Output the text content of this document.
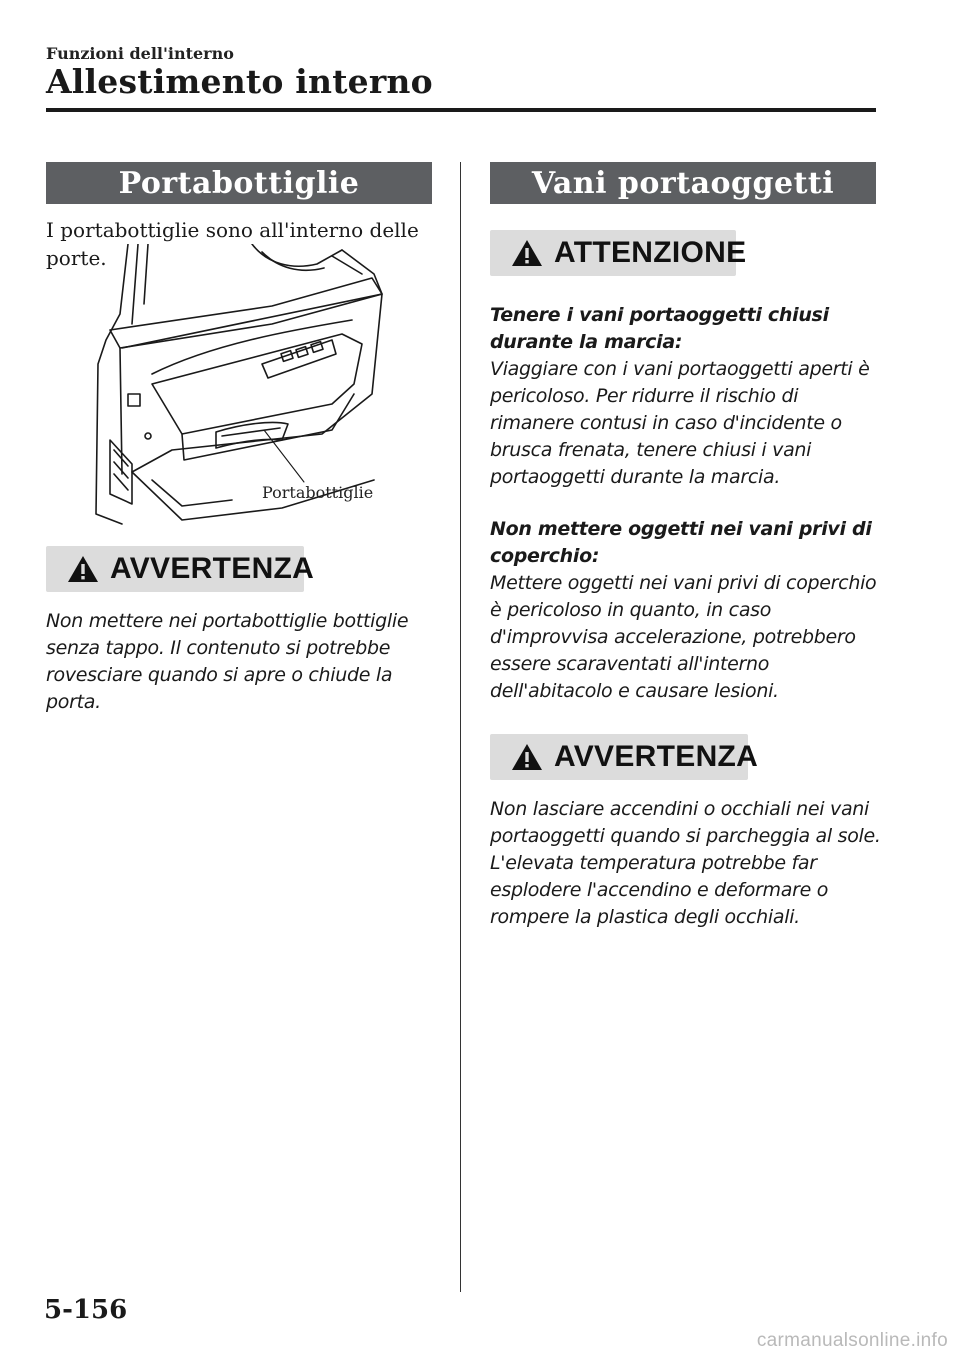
Funzioni dell'interno
Allestimento interno
Portabottiglie
I portabottiglie sono all'interno delle porte.
Portabottiglie
AVVERTENZA

Non mettere nei portabottiglie bottiglie senza tappo. Il contenuto si potrebbe rovesciare quando si apre o chiude la porta.

Vani portaoggetti
ATTENZIONE
Tenere i vani portaoggetti chiusi durante la marcia:

Viaggiare con i vani portaoggetti aperti è pericoloso. Per ridurre il rischio di rimanere contusi in caso d'incidente o brusca frenata, tenere chiusi i vani portaoggetti durante la marcia.

Non mettere oggetti nei vani privi di coperchio:

Mettere oggetti nei vani privi di coperchio è pericoloso in quanto, in caso d'improvvisa accelerazione, potrebbero essere scaraventati all'interno dell'abitacolo e causare lesioni.

AVVERTENZA

Non lasciare accendini o occhiali nei vani portaoggetti quando si parcheggia al sole. L'elevata temperatura potrebbe far esplodere l'accendino e deformare o rompere la plastica degli occhiali.

5-156
carmanualsonline.info
